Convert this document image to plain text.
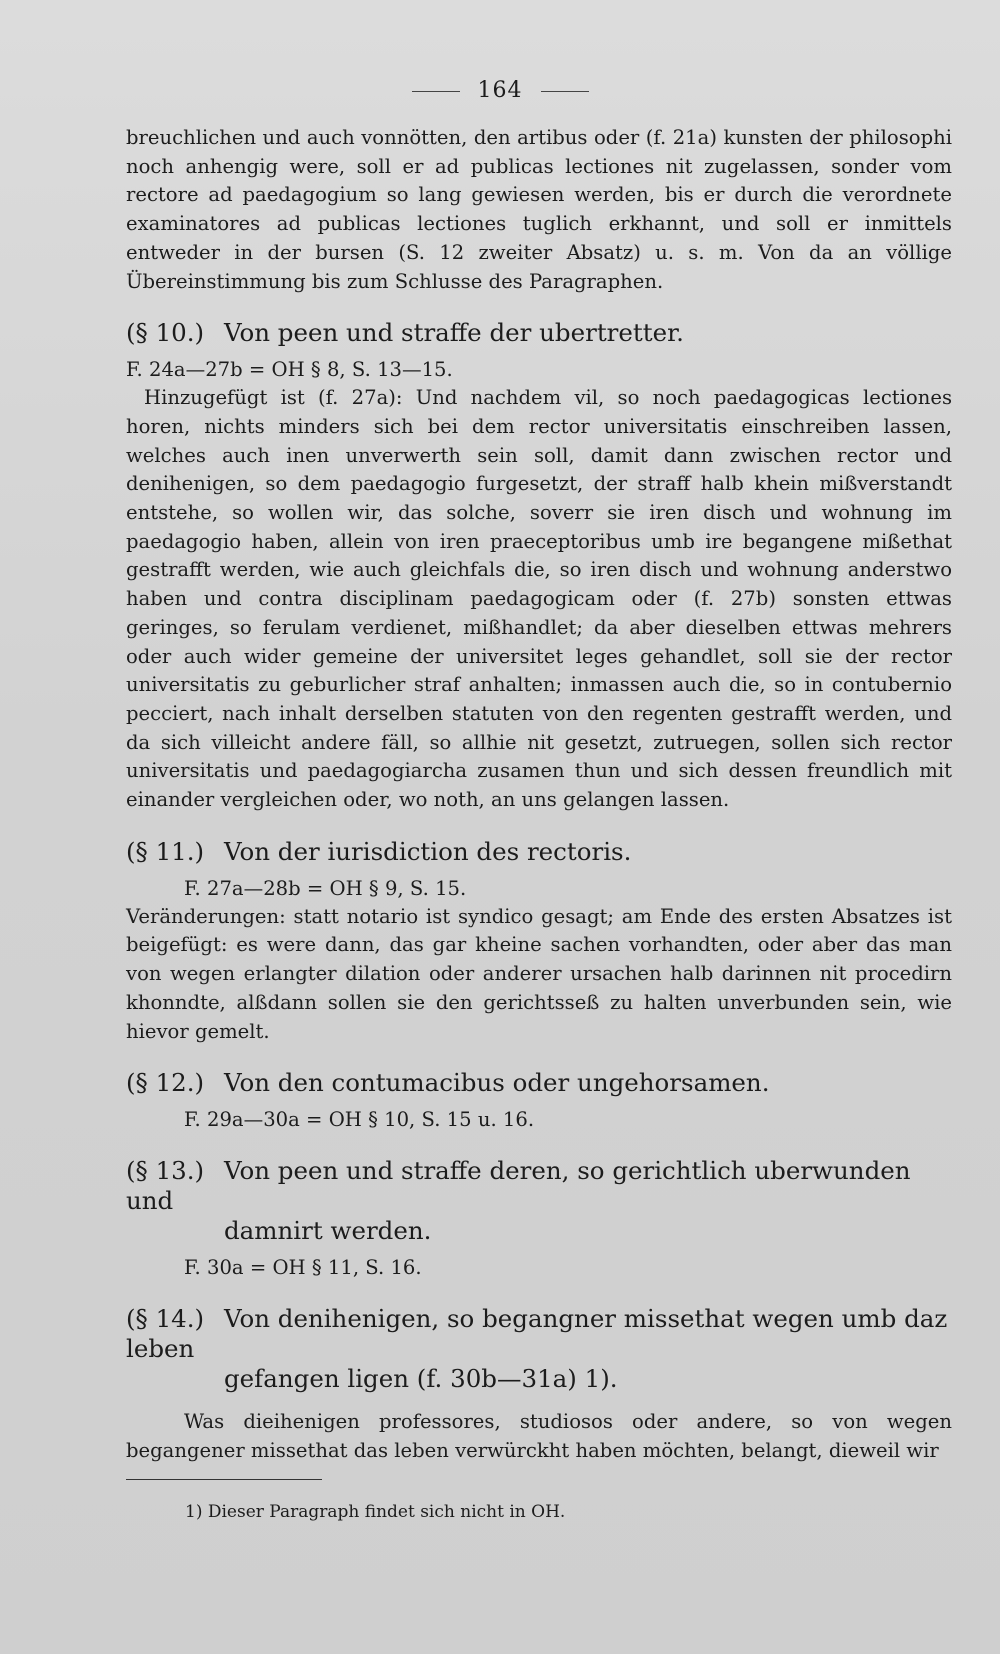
164

breuchlichen und auch vonnötten, den artibus oder (f. 21a) kunsten der philosophi noch anhengig were, soll er ad publicas lectiones nit zugelassen, sonder vom rectore ad paedagogium so lang gewiesen werden, bis er durch die verordnete examinatores ad publicas lectiones tuglich erkhannt, und soll er inmittels entweder in der bursen (S. 12 zweiter Absatz) u. s. m. Von da an völlige Übereinstimmung bis zum Schlusse des Paragraphen.

(§ 10.) Von peen und straffe der ubertretter.

F. 24a—27b = OH § 8, S. 13—15.

Hinzugefügt ist (f. 27a): Und nachdem vil, so noch paedagogicas lectiones horen, nichts minders sich bei dem rector universitatis einschreiben lassen, welches auch inen unverwerth sein soll, damit dann zwischen rector und denihenigen, so dem paedagogio furgesetzt, der straff halb khein mißverstandt entstehe, so wollen wir, das solche, soverr sie iren disch und wohnung im paedagogio haben, allein von iren praeceptoribus umb ire begangene mißethat gestrafft werden, wie auch gleichfals die, so iren disch und wohnung anderstwo haben und contra disciplinam paedagogicam oder (f. 27b) sonsten ettwas geringes, so ferulam verdienet, mißhandlet; da aber dieselben ettwas mehrers oder auch wider gemeine der universitet leges gehandlet, soll sie der rector universitatis zu geburlicher straf anhalten; inmassen auch die, so in contubernio pecciert, nach inhalt derselben statuten von den regenten gestrafft werden, und da sich villeicht andere fäll, so allhie nit gesetzt, zutruegen, sollen sich rector universitatis und paedagogiarcha zusamen thun und sich dessen freundlich mit einander vergleichen oder, wo noth, an uns gelangen lassen.

(§ 11.) Von der iurisdiction des rectoris.

F. 27a—28b = OH § 9, S. 15.

Veränderungen: statt notario ist syndico gesagt; am Ende des ersten Absatzes ist beigefügt: es were dann, das gar kheine sachen vorhandten, oder aber das man von wegen erlangter dilation oder anderer ursachen halb darinnen nit procedirn khonndte, alßdann sollen sie den gerichtsseß zu halten unverbunden sein, wie hievor gemelt.

(§ 12.) Von den contumacibus oder ungehorsamen.

F. 29a—30a = OH § 10, S. 15 u. 16.

(§ 13.) Von peen und straffe deren, so gerichtlich uberwunden und
damnirt werden.

F. 30a = OH § 11, S. 16.

(§ 14.) Von denihenigen, so begangner missethat wegen umb daz leben
gefangen ligen (f. 30b—31a) 1).

Was dieihenigen professores, studiosos oder andere, so von wegen begangener missethat das leben verwürckht haben möchten, belangt, dieweil wir

1) Dieser Paragraph findet sich nicht in OH.
